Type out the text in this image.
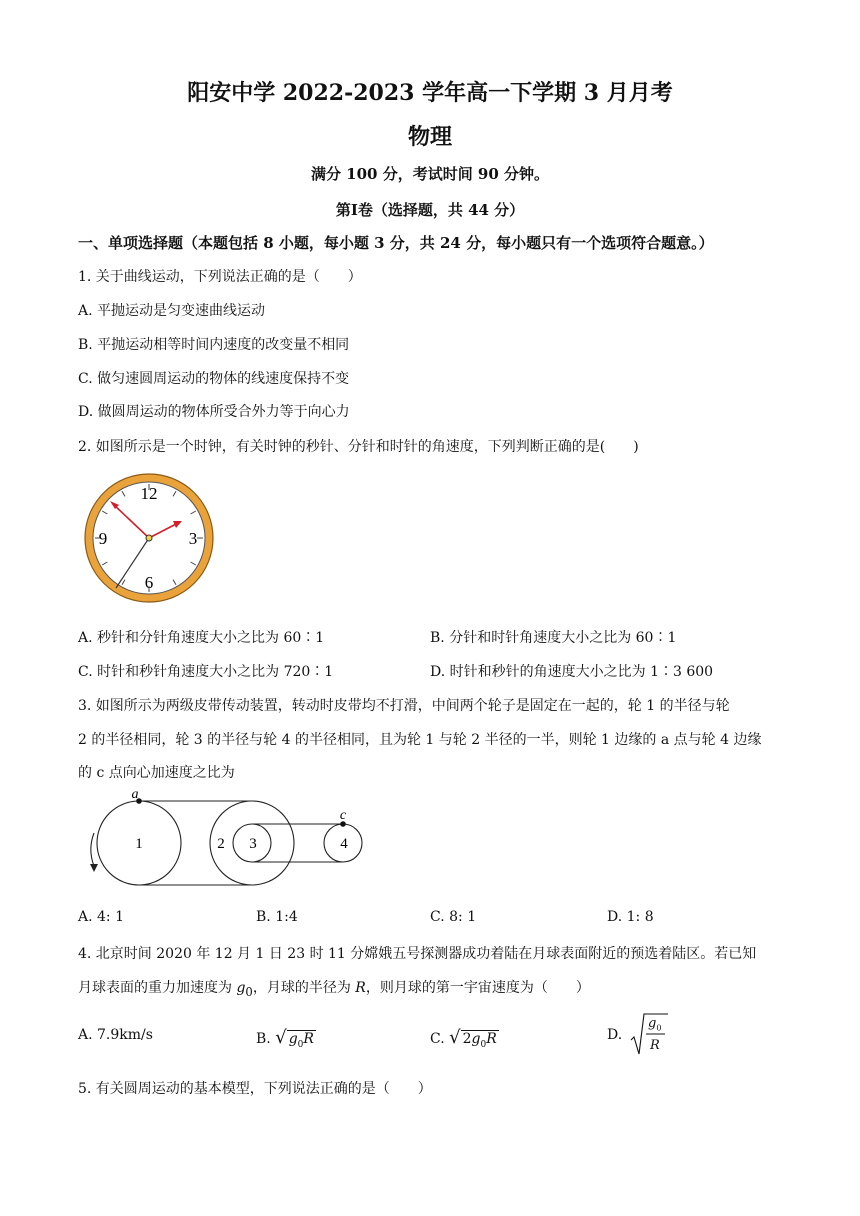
阳安中学 2022-2023 学年高一下学期 3 月月考
物理
满分 100 分，考试时间 90 分钟。
第Ⅰ卷（选择题，共 44 分）
一、单项选择题（本题包括 8 小题，每小题 3 分，共 24 分，每小题只有一个选项符合题意。）
1. 关于曲线运动，下列说法正确的是（　　）
A. 平抛运动是匀变速曲线运动
B. 平抛运动相等时间内速度的改变量不相同
C. 做匀速圆周运动的物体的线速度保持不变
D. 做圆周运动的物体所受合外力等于向心力
2. 如图所示是一个时钟，有关时钟的秒针、分针和时针的角速度，下列判断正确的是(　　)
12
3
6
9
A. 秒针和分针角速度大小之比为 60∶1	B. 分针和时针角速度大小之比为 60∶1
C. 时针和秒针角速度大小之比为 720∶1	D. 时针和秒针的角速度大小之比为 1∶3 600
3. 如图所示为两级皮带传动装置，转动时皮带均不打滑，中间两个轮子是固定在一起的，轮 1 的半径与轮
2 的半径相同，轮 3 的半径与轮 4 的半径相同，且为轮 1 与轮 2 半径的一半，则轮 1 边缘的 a 点与轮 4 边缘
的 c 点向心加速度之比为
a
c
1	2 3	4
A. 4: 1	B. 1:4	C. 8: 1	D. 1: 8
4. 北京时间 2020 年 12 月 1 日 23 时 11 分嫦娥五号探测器成功着陆在月球表面附近的预选着陆区。若已知
月球表面的重力加速度为 $g_0$，月球的半径为 R，则月球的第一宇宙速度为（　　）
A. 7.9km/s	B. √ $g_0R$	C. √ $2g_0R$	D.
$g_0$
R
5. 有关圆周运动的基本模型，下列说法正确的是（　　）
